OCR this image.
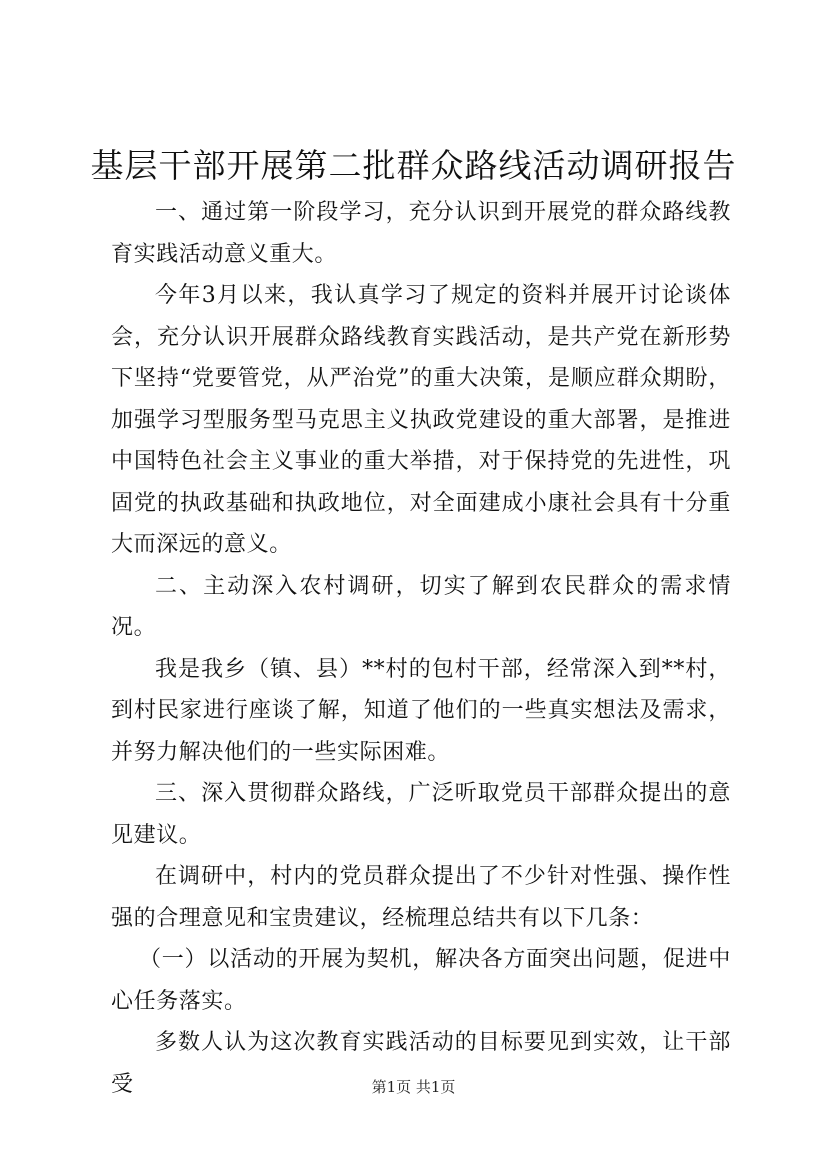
基层干部开展第二批群众路线活动调研报告

一、通过第一阶段学习，充分认识到开展党的群众路线教育实践活动意义重大。

今年3月以来，我认真学习了规定的资料并展开讨论谈体会，充分认识开展群众路线教育实践活动，是共产党在新形势下坚持“党要管党，从严治党”的重大决策，是顺应群众期盼，加强学习型服务型马克思主义执政党建设的重大部署，是推进中国特色社会主义事业的重大举措，对于保持党的先进性，巩固党的执政基础和执政地位，对全面建成小康社会具有十分重大而深远的意义。

二、主动深入农村调研，切实了解到农民群众的需求情况。

我是我乡（镇、县）**村的包村干部，经常深入到**村，到村民家进行座谈了解，知道了他们的一些真实想法及需求，并努力解决他们的一些实际困难。

三、深入贯彻群众路线，广泛听取党员干部群众提出的意见建议。

在调研中，村内的党员群众提出了不少针对性强、操作性强的合理意见和宝贵建议，经梳理总结共有以下几条：

（一）以活动的开展为契机，解决各方面突出问题，促进中心任务落实。

多数人认为这次教育实践活动的目标要见到实效，让干部受	第1页 共1页
